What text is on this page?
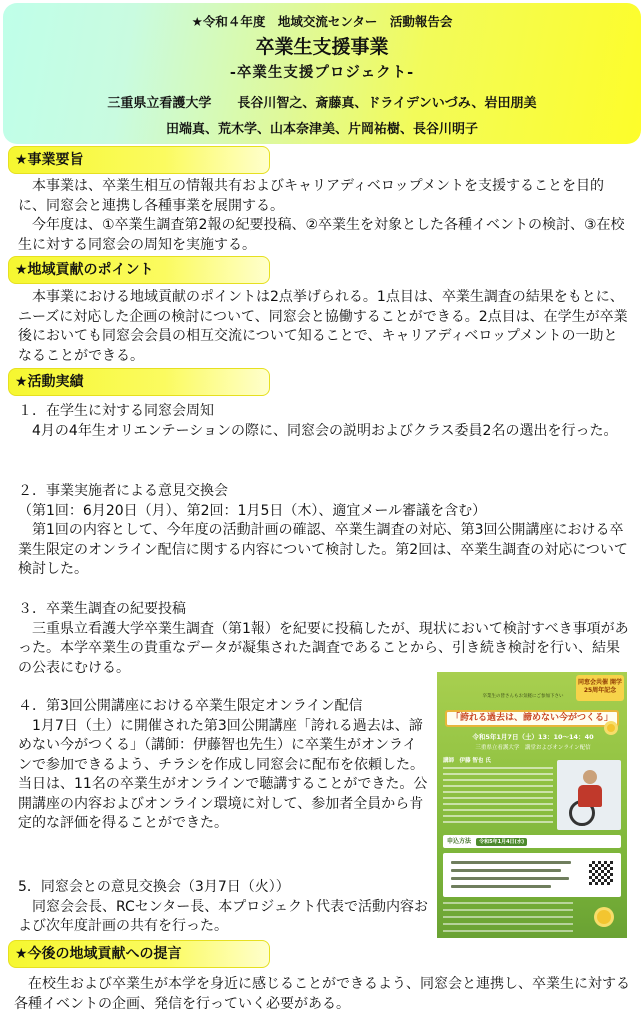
★令和４年度　地域交流センター　活動報告会
卒業生支援事業
-卒業生支援プロジェクト-
三重県立看護大学　　長谷川智之、斎藤真、ドライデンいづみ、岩田朋美
田端真、荒木学、山本奈津美、片岡祐樹、長谷川明子
★事業要旨

　本事業は、卒業生相互の情報共有およびキャリアディベロップメントを支援することを目的に、同窓会と連携し各種事業を展開する。

　今年度は、①卒業生調査第2報の紀要投稿、②卒業生を対象とした各種イベントの検討、③在校生に対する同窓会の周知を実施する。

★地域貢献のポイント

　本事業における地域貢献のポイントは2点挙げられる。1点目は、卒業生調査の結果をもとに、ニーズに対応した企画の検討について、同窓会と協働することができる。2点目は、在学生が卒業後においても同窓会会員の相互交流について知ることで、キャリアディベロップメントの一助となることができる。

★活動実績

１．在学生に対する同窓会周知

　4月の4年生オリエンテーションの際に、同窓会の説明およびクラス委員2名の選出を行った。

２．事業実施者による意見交換会

（第1回：6月20日（月）、第2回：1月5日（木）、適宜メール審議を含む）

　第1回の内容として、今年度の活動計画の確認、卒業生調査の対応、第3回公開講座における卒業生限定のオンライン配信に関する内容について検討した。第2回は、卒業生調査の対応について検討した。

３．卒業生調査の紀要投稿

　三重県立看護大学卒業生調査（第1報）を紀要に投稿したが、現状において検討すべき事項があった。本学卒業生の貴重なデータが凝集された調査であることから、引き続き検討を行い、結果の公表にむける。

４．第3回公開講座における卒業生限定オンライン配信

　1月7日（土）に開催された第3回公開講座「誇れる過去は、諦めない今がつくる」（講師：伊藤智也先生）に卒業生がオンラインで参加できるよう、チラシを作成し同窓会に配布を依頼した。当日は、11名の卒業生がオンラインで聴講することができた。公開講座の内容およびオンライン環境に対して、参加者全員から肯定的な評価を得ることができた。

5．同窓会との意見交換会（3月7日（火））

　同窓会会長、RCセンター長、本プロジェクト代表で活動内容および次年度計画の共有を行った。

同窓会共催 開学25周年記念
卒業生の皆さんもお気軽にご参加下さい
「誇れる過去は、諦めない今がつくる」
令和5年1月7日（土）13：10～14：40
三重県立看護大学　講堂およびオンライン配信
講師　伊藤 智也 氏
申込方法 令和5年1月4日(水)
★今後の地域貢献への提言

　在校生および卒業生が本学を身近に感じることができるよう、同窓会と連携し、卒業生に対する各種イベントの企画、発信を行っていく必要がある。
